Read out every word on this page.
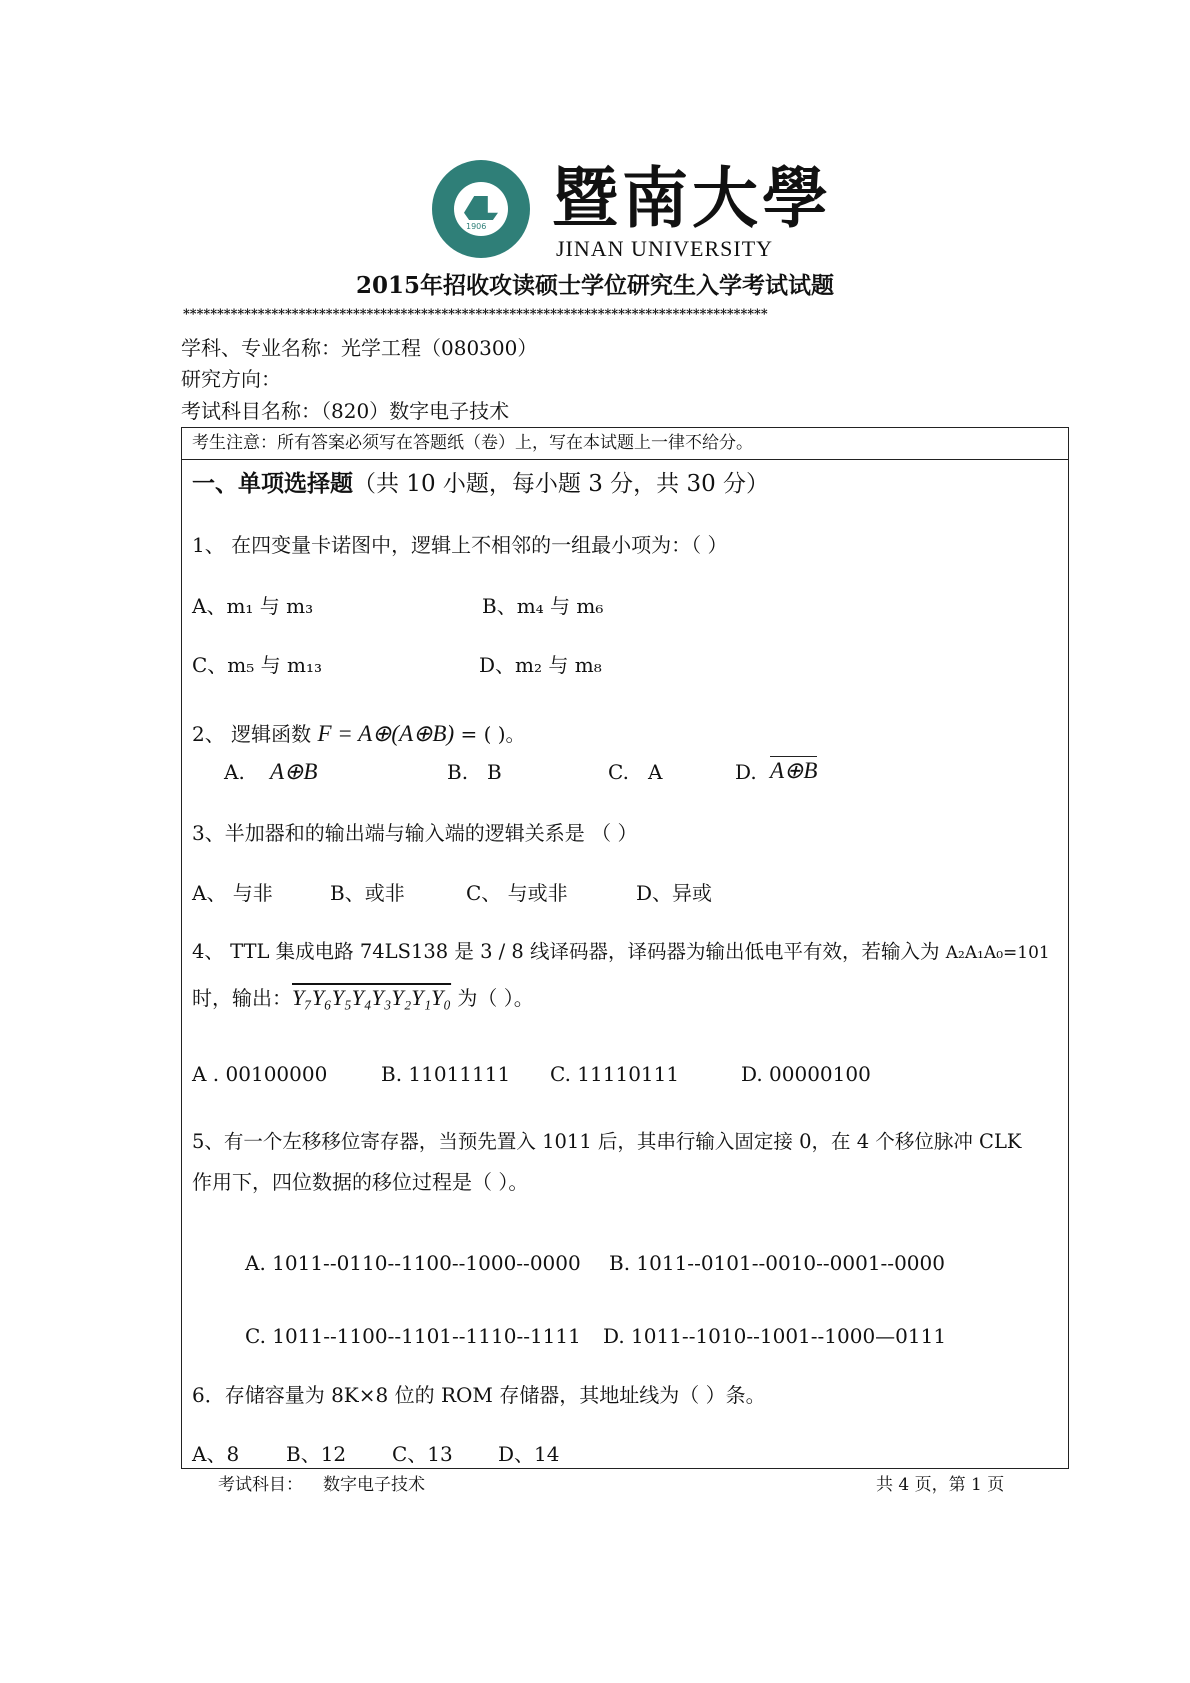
1906 暨南大學
JINAN UNIVERSITY
2015年招收攻读硕士学位研究生入学考试试题
**************************************************************************************
学科、专业名称：光学工程（080300）
研究方向：
考试科目名称：（820）数字电子技术
考生注意：所有答案必须写在答题纸（卷）上，写在本试题上一律不给分。
一、单项选择题（共 10 小题，每小题 3 分，共 30 分）
1、 在四变量卡诺图中，逻辑上不相邻的一组最小项为：（ ）
A、m₁ 与 m₃	B、m₄ 与 m₆
C、m₅ 与 m₁₃	D、m₂ 与 m₈
2、 逻辑函数 F = A⊕(A⊕B) = ( )。
A. A⊕B	B. B	C. A	D. A⊕B
3、半加器和的输出端与输入端的逻辑关系是 （ ）
A、 与非	B、或非	C、 与或非	D、异或
4、 TTL 集成电路 74LS138 是 3 / 8 线译码器，译码器为输出低电平有效，若输入为 A₂A₁A₀=101
时，输出：Y₇Y₆Y₅Y₄Y₃Y₂Y₁Y₀ 为（ ）。
A . 00100000	B. 11011111 C. 11110111	D. 00000100
5、有一个左移移位寄存器，当预先置入 1011 后，其串行输入固定接 0，在 4 个移位脉冲 CLK
作用下，四位数据的移位过程是（ ）。
A. 1011--0110--1100--1000--0000 B. 1011--0101--0010--0001--0000
C. 1011--1100--1101--1110--1111 D. 1011--1010--1001--1000—0111
6．存储容量为 8K×8 位的 ROM 存储器，其地址线为（ ）条。
A、8 B、12 C、13 D、14
考试科目： 数字电子技术	共 4 页，第 1 页
